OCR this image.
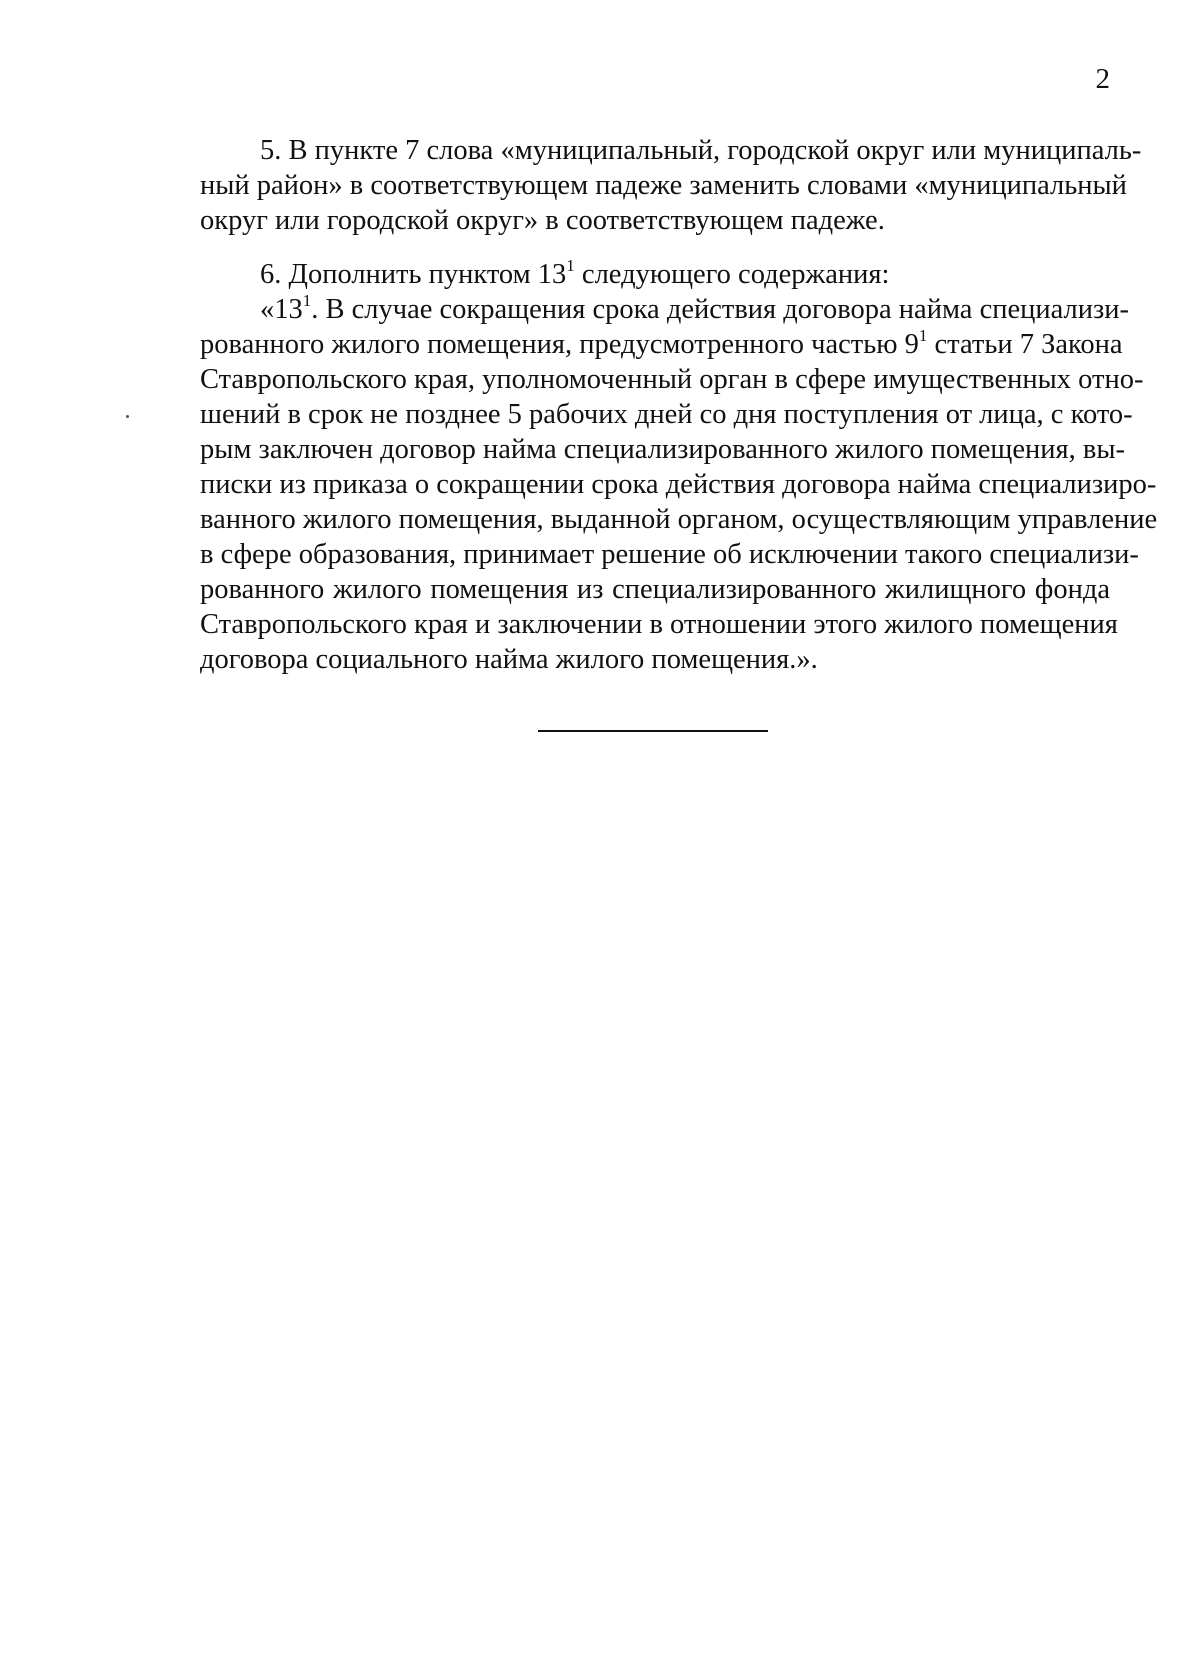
2
5. В пункте 7 слова «муниципальный, городской округ или муниципаль-
ный район» в соответствующем падеже заменить словами «муниципальный
округ или городской округ» в соответствующем падеже.
6. Дополнить пунктом $13^1$ следующего содержания:
«$13^1$. В случае сокращения срока действия договора найма специализи-
рованного жилого помещения, предусмотренного частью $9^1$ статьи 7 Закона
Ставропольского края, уполномоченный орган в сфере имущественных отно-
шений в срок не позднее 5 рабочих дней со дня поступления от лица, с кото-
рым заключен договор найма специализированного жилого помещения, вы-
писки из приказа о сокращении срока действия договора найма специализиро-
ванного жилого помещения, выданной органом, осуществляющим управление
в сфере образования, принимает решение об исключении такого специализи-
рованного жилого помещения из специализированного жилищного фонда
Ставропольского края и заключении в отношении этого жилого помещения
договора социального найма жилого помещения.».
